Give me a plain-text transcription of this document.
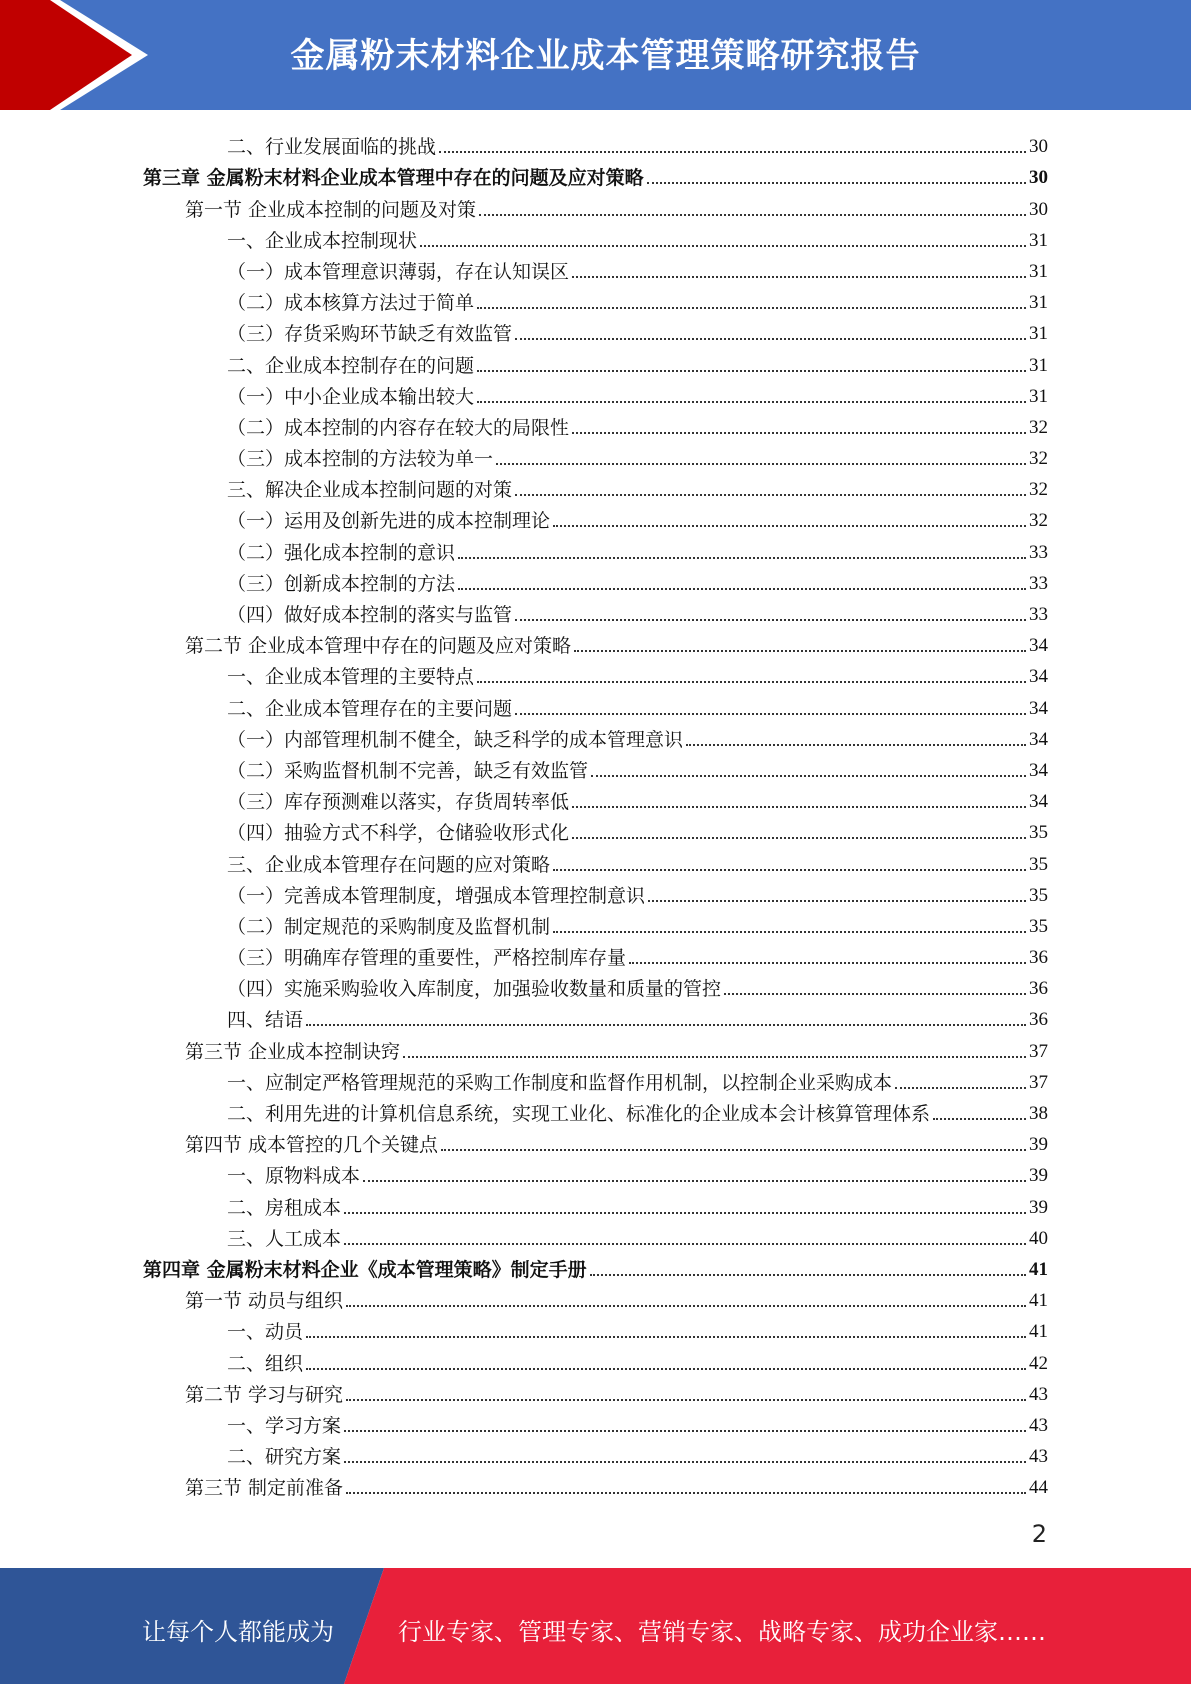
金属粉末材料企业成本管理策略研究报告
二、行业发展面临的挑战	30
第三章 金属粉末材料企业成本管理中存在的问题及应对策略	30
第一节 企业成本控制的问题及对策	30
一、企业成本控制现状	31
（一）成本管理意识薄弱，存在认知误区	31
（二）成本核算方法过于简单	31
（三）存货采购环节缺乏有效监管	31
二、企业成本控制存在的问题	31
（一）中小企业成本输出较大	31
（二）成本控制的内容存在较大的局限性	32
（三）成本控制的方法较为单一	32
三、解决企业成本控制问题的对策	32
（一）运用及创新先进的成本控制理论	32
（二）强化成本控制的意识	33
（三）创新成本控制的方法	33
（四）做好成本控制的落实与监管	33
第二节 企业成本管理中存在的问题及应对策略	34
一、企业成本管理的主要特点	34
二、企业成本管理存在的主要问题	34
（一）内部管理机制不健全，缺乏科学的成本管理意识	34
（二）采购监督机制不完善，缺乏有效监管	34
（三）库存预测难以落实，存货周转率低	34
（四）抽验方式不科学，仓储验收形式化	35
三、企业成本管理存在问题的应对策略	35
（一）完善成本管理制度，增强成本管理控制意识	35
（二）制定规范的采购制度及监督机制	35
（三）明确库存管理的重要性，严格控制库存量	36
（四）实施采购验收入库制度，加强验收数量和质量的管控	36
四、结语	36
第三节 企业成本控制诀窍	37
一、应制定严格管理规范的采购工作制度和监督作用机制，以控制企业采购成本	37
二、利用先进的计算机信息系统，实现工业化、标准化的企业成本会计核算管理体系	38
第四节 成本管控的几个关键点	39
一、原物料成本	39
二、房租成本	39
三、人工成本	40
第四章 金属粉末材料企业《成本管理策略》制定手册	41
第一节 动员与组织	41
一、动员	41
二、组织	42
第二节 学习与研究	43
一、学习方案	43
二、研究方案	43
第三节 制定前准备	44
2
让每个人都能成为	行业专家、管理专家、营销专家、战略专家、成功企业家……
